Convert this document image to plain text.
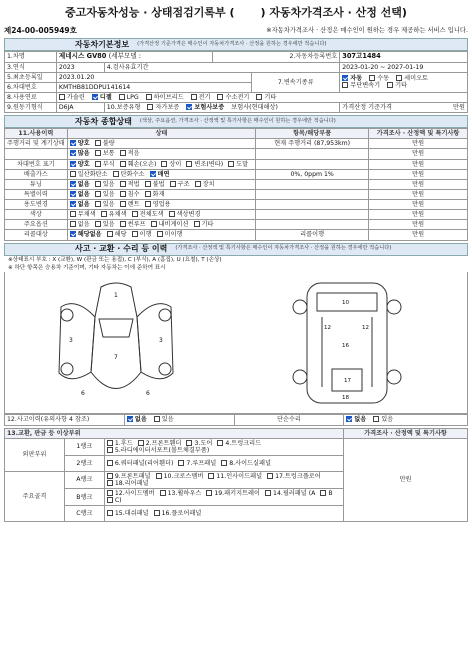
중고자동차성능 · 상태점검기록부 ( ) 자동차가격조사 · 산정 선택)
제24-00-005949호	※자동차가격조사 · 산정은 매수인이 원하는 경우 제공하는 서비스 입니다.
자동차기본정보 (가격산정 기준가격은 매수인이 자동차가격조사 · 산정을 원하는 경우에만 적습니다)
1.차명	제네시스 GV80 (세부모델 :		2.자동차등록번호		307고1484
3.연식	2023	4.검사유효기간			2023-01-20 ~ 2027-01-19
5.최초등록일	2023.01.20			7.변속기종류	자동 수동 세미오토
무단변속기 기타
6.차대번호	KMTHB81DDPU141614				
8.사용연료	가솔린 디젤 LPG 하이브리드 전기 수소전기 기타				
9.원동기형식	D6JA	10.보증유형 자가보증 보험사보증 보험사(현대해상)			가격산정 기준가격 만원
자동차 종합상태 (색상, 주요옵션, 가격조사 · 산정액 및 특기사항은 매수인이 원하는 경우에만 적습니다)
11.사용이력	상태	항목/해당부품	가격조사 · 산정액 및 특기사항
주행거리 및 계기상태	양호 불량	현재 주행거리 (87,953km)	만원
	많음 보통 적음		만원
차대번호 표기	양호 부식 훼손(오손) 상이 변조(변타) 도말		만원
배출가스	일산화탄소 탄화수소 매연	0%, 0ppm 1%	만원
튜닝	없음 있음 적법 불법 구조 장치		만원
특별이력	없음 있음 침수 화재		만원
용도변경	없음 있음 렌트 영업용		만원
색상	무채색 유채색 전체도색 색상변경		만원
주요옵션	없음 있음 썬루프 내비게이션 기타		만원
리콜대상	해당없음 해당 이행 미이행	리콜이행	만원
사고 · 교환 · 수리 등 이력 (가격조사 · 산정액 및 특기사항은 매수인이 자동차가격조사 · 산정을 원하는 경우에만 적습니다)
※상태표시 부호 : X (교환), W (판금 또는 용접), C (부식), A (흠집), U (요철), T (손상)
※ 하단 항목은 승용차 기준이며, 기타 자동차는 이에 준하여 표시
1
3	3
7
6	6
10
12	12
16
17
18
12.사고이력(유의사항 4 참조)	없음 있음	단순수리	없음 있음
13.교환, 판금 등 이상부위			가격조사 · 산정액 및 특기사항
외판부위	1랭크	1.후드 2.프론트휀더 3.도어 4.트렁크리드5.라디에이터서포트(볼트체결부품)	만원
	2랭크	6.쿼터패널(리어휀더) 7.루프패널 8.사이드실패널	
주요골격	A랭크	9.프론트패널 10.크로스멤버 11.인사이드패널 17.트렁크플로어18.리어패널	
	B랭크	12.사이드멤버 13.휠하우스 19.패키지트레이 14.필러패널 (A BC)	
	C랭크	15.대쉬패널 16.플로어패널	
